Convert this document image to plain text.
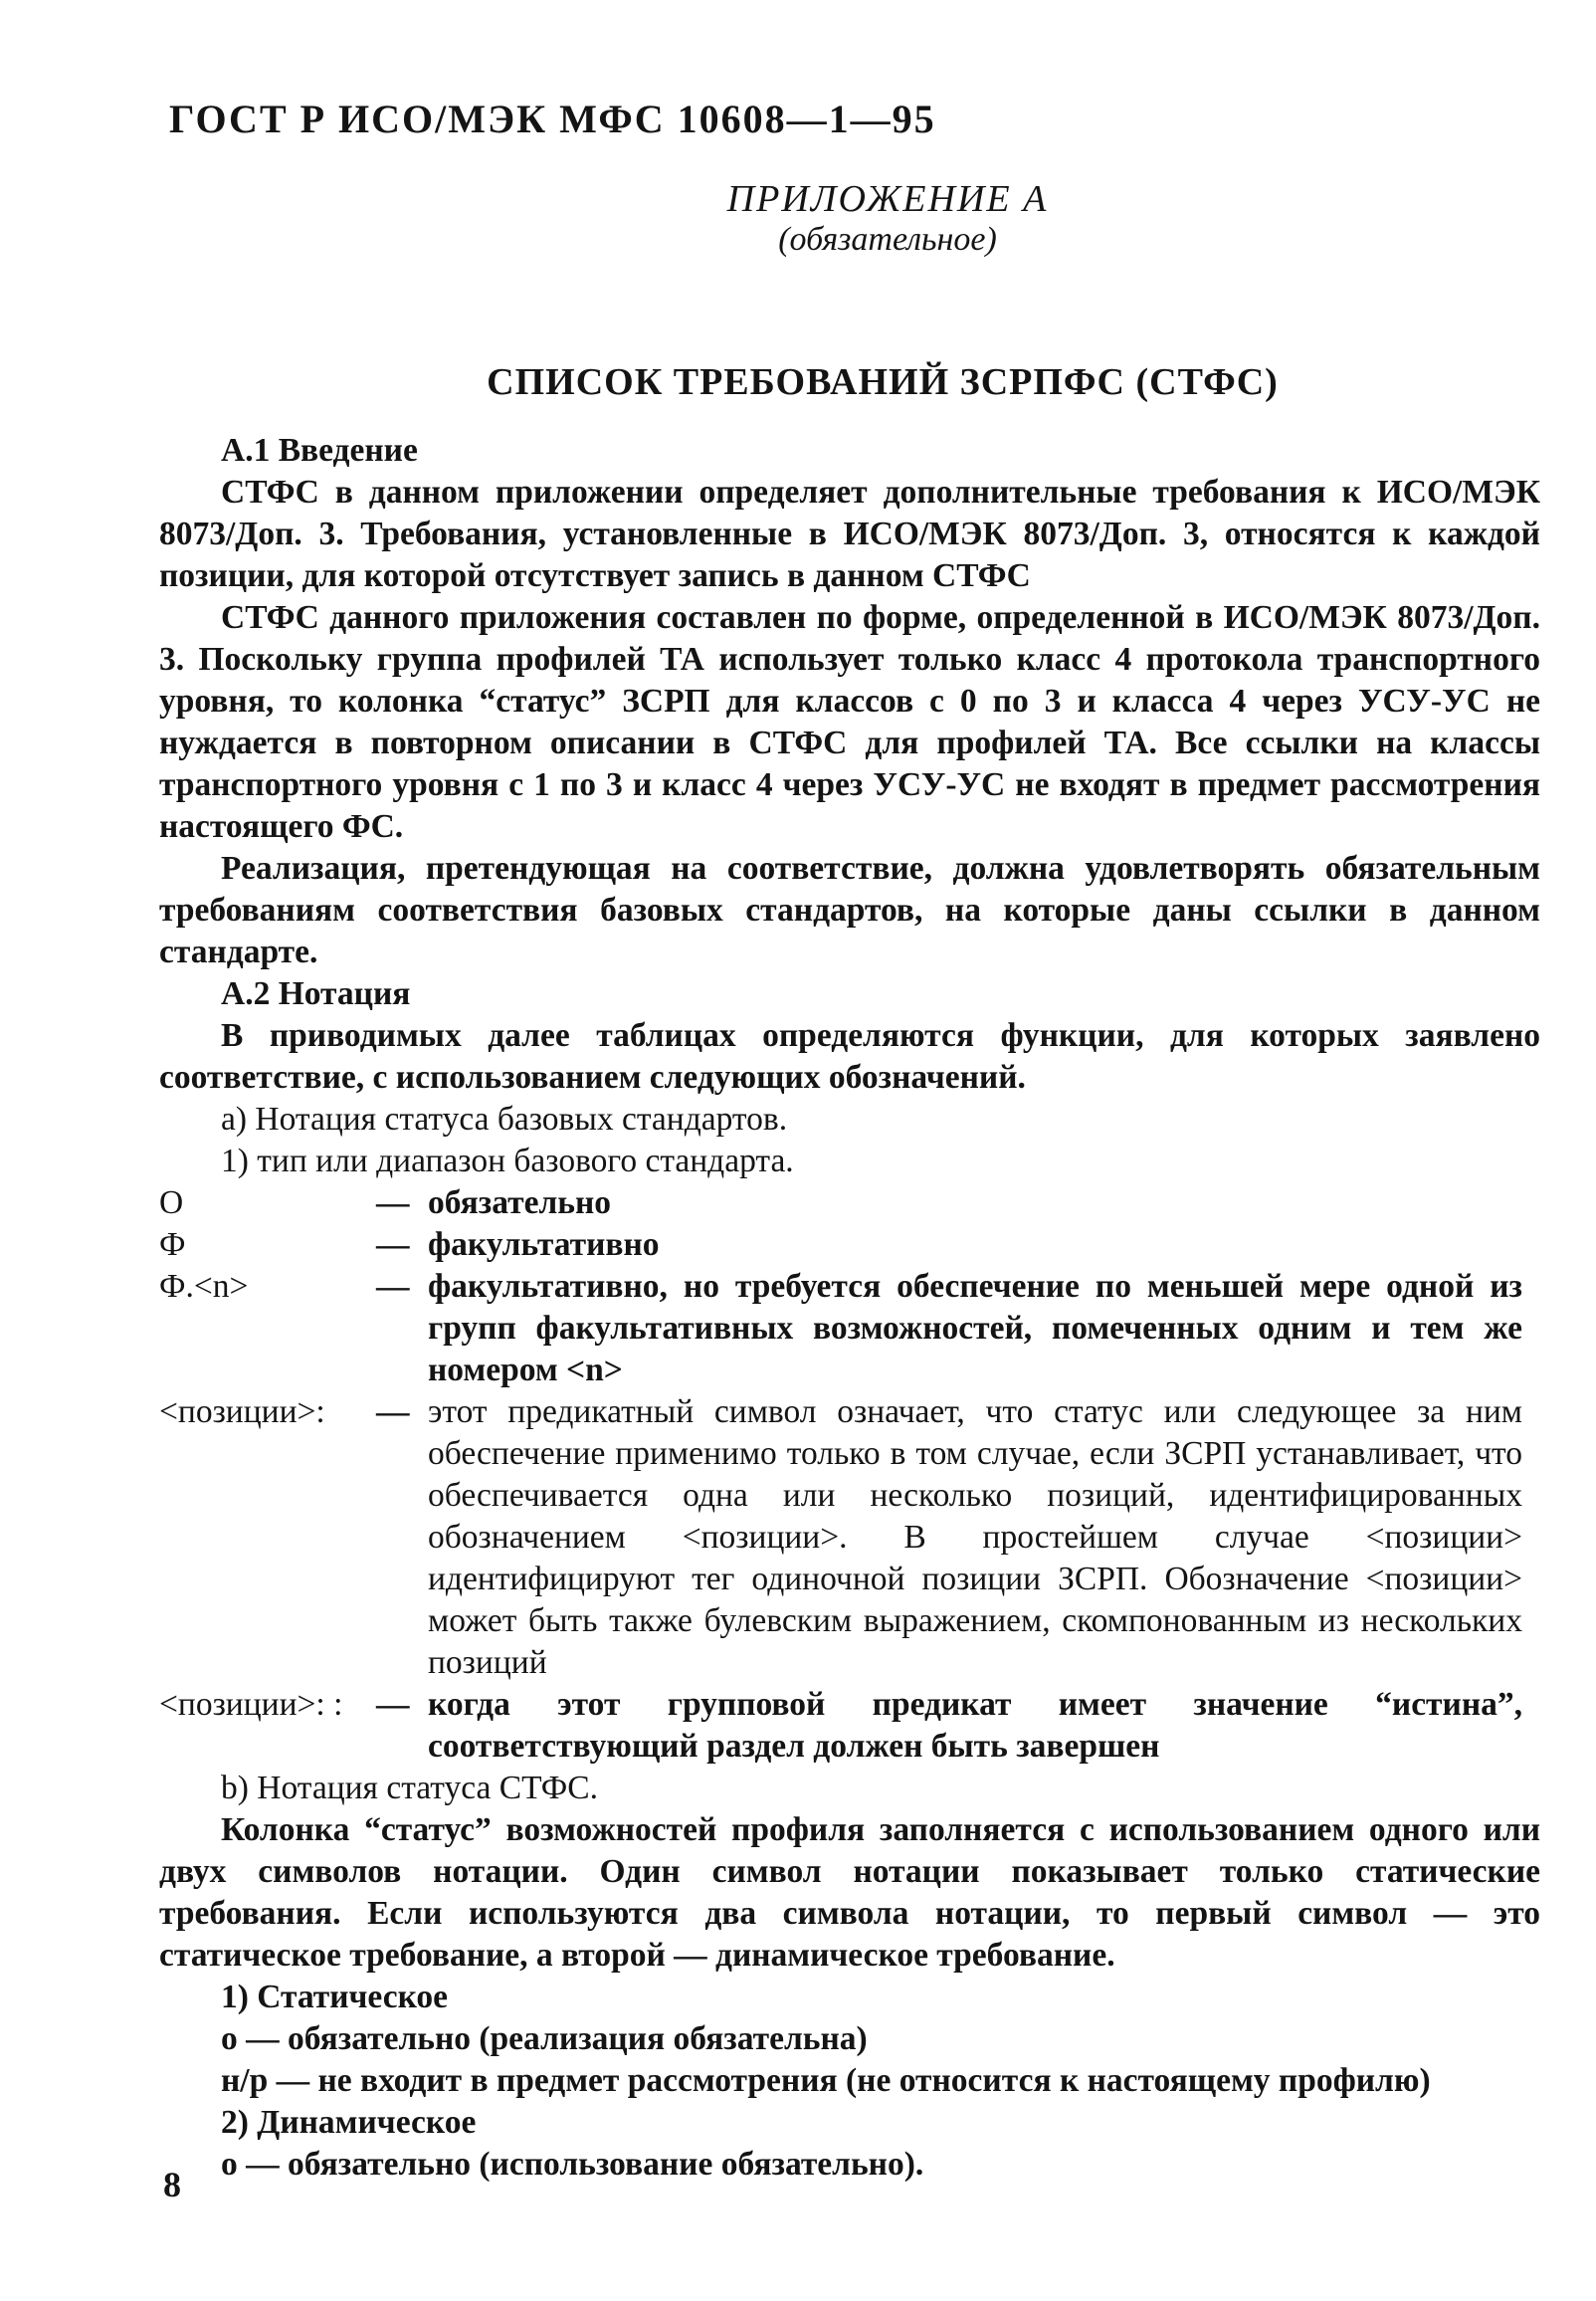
ГОСТ Р ИСО/МЭК МФС 10608—1—95
ПРИЛОЖЕНИЕ А
(обязательное)
СПИСОК ТРЕБОВАНИЙ ЗСРПФС (СТФС)

А.1 Введение

СТФС в данном приложении определяет дополнительные требования к ИСО/МЭК 8073/Доп. 3. Требования, установленные в ИСО/МЭК 8073/Доп. 3, относятся к каждой позиции, для которой отсутствует запись в данном СТФС

СТФС данного приложения составлен по форме, определенной в ИСО/МЭК 8073/Доп. 3. Поскольку группа профилей ТА использует только класс 4 протокола транспортного уровня, то колонка “статус” ЗСРП для классов с 0 по 3 и класса 4 через УСУ-УС не нуждается в повторном описании в СТФС для профилей ТА. Все ссылки на классы транспортного уровня с 1 по 3 и класс 4 через УСУ-УС не входят в предмет рассмотрения настоящего ФС.

Реализация, претендующая на соответствие, должна удовлетворять обязательным требованиям соответствия базовых стандартов, на которые даны ссылки в данном стандарте.

А.2 Нотация

В приводимых далее таблицах определяются функции, для которых заявлено соответствие, с использованием следующих обозначений.

а) Нотация статуса базовых стандартов.

1) тип или диапазон базового стандарта.

О	— обязательно
Ф	— факультативно
Ф.<n>	— факультативно, но требуется обеспечение по меньшей мере одной из групп факультативных возможностей, помеченных одним и тем же номером <n>
<позиции>:	— этот предикатный символ означает, что статус или следующее за ним обеспечение применимо только в том случае, если ЗСРП устанавливает, что обеспечивается одна или несколько позиций, идентифицированных обозначением <позиции>. В простейшем случае <позиции> идентифицируют тег одиночной позиции ЗСРП. Обозначение <позиции> может быть также булевским выражением, скомпонованным из нескольких позиций
<позиции>: :	— когда этот групповой предикат имеет значение “истина”, соответствующий раздел должен быть завершен

b) Нотация статуса СТФС.

Колонка “статус” возможностей профиля заполняется с использованием одного или двух символов нотации. Один символ нотации показывает только статические требования. Если используются два символа нотации, то первый символ — это статическое требование, а второй — динамическое требование.

1) Статическое

о — обязательно (реализация обязательна)

н/р — не входит в предмет рассмотрения (не относится к настоящему профилю)

2) Динамическое

о — обязательно (использование обязательно).

8
